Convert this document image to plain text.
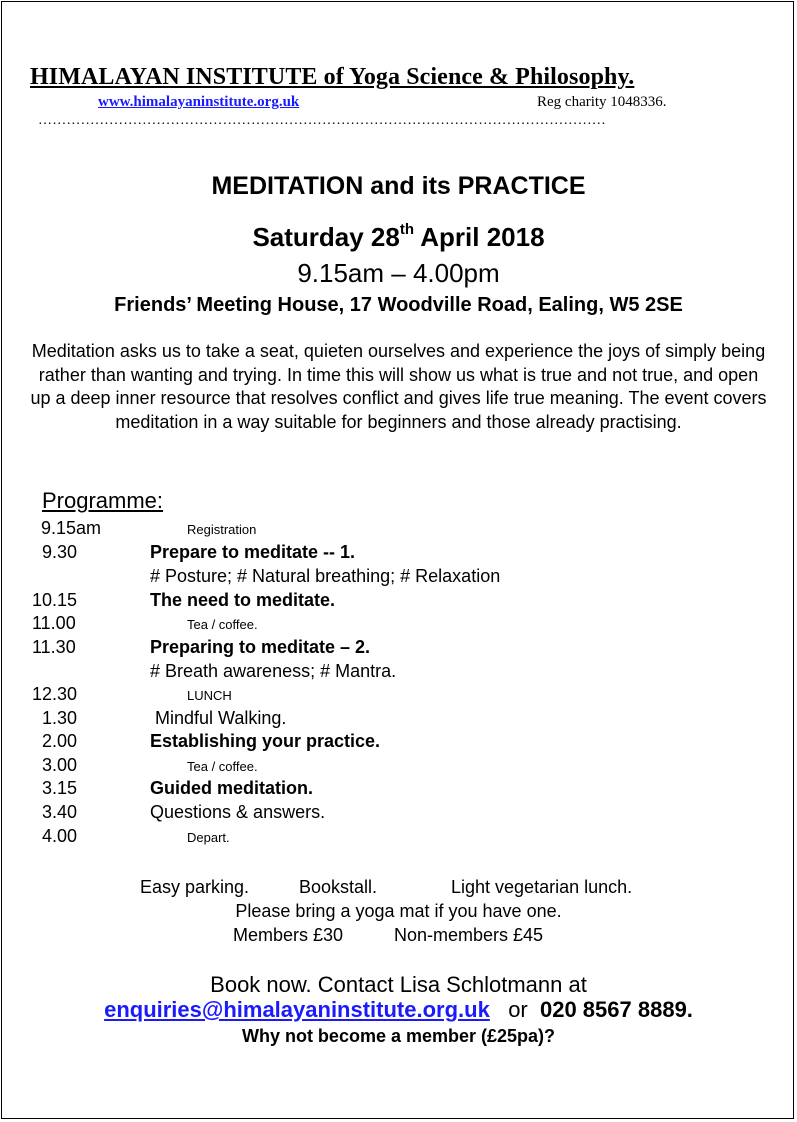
HIMALAYAN INSTITUTE of Yoga Science & Philosophy.
www.himalayaninstitute.org.uk	Reg charity 1048336.
…………………………………………………………………………………………………………
MEDITATION and its PRACTICE
Saturday 28th April 2018
9.15am – 4.00pm
Friends’ Meeting House, 17 Woodville Road, Ealing, W5 2SE
Meditation asks us to take a seat, quieten ourselves and experience the joys of simply being rather than wanting and trying. In time this will show us what is true and not true, and open up a deep inner resource that resolves conflict and gives life true meaning. The event covers meditation in a way suitable for beginners and those already practising.
Programme:
9.15am	Registration
9.30	Prepare to meditate -- 1.
# Posture; # Natural breathing; # Relaxation
10.15	The need to meditate.
11.00	Tea / coffee.
11.30	Preparing to meditate – 2.
# Breath awareness; # Mantra.
12.30	LUNCH
1.30	Mindful Walking.
2.00	Establishing your practice.
3.00	Tea / coffee.
3.15	Guided meditation.
3.40	Questions & answers.
4.00	Depart.
Easy parking.	Bookstall.	Light vegetarian lunch.
Please bring a yoga mat if you have one.
Members £30	Non-members £45
Book now. Contact Lisa Schlotmann at
enquiries@himalayaninstitute.org.uk or 020 8567 8889.
Why not become a member (£25pa)?
